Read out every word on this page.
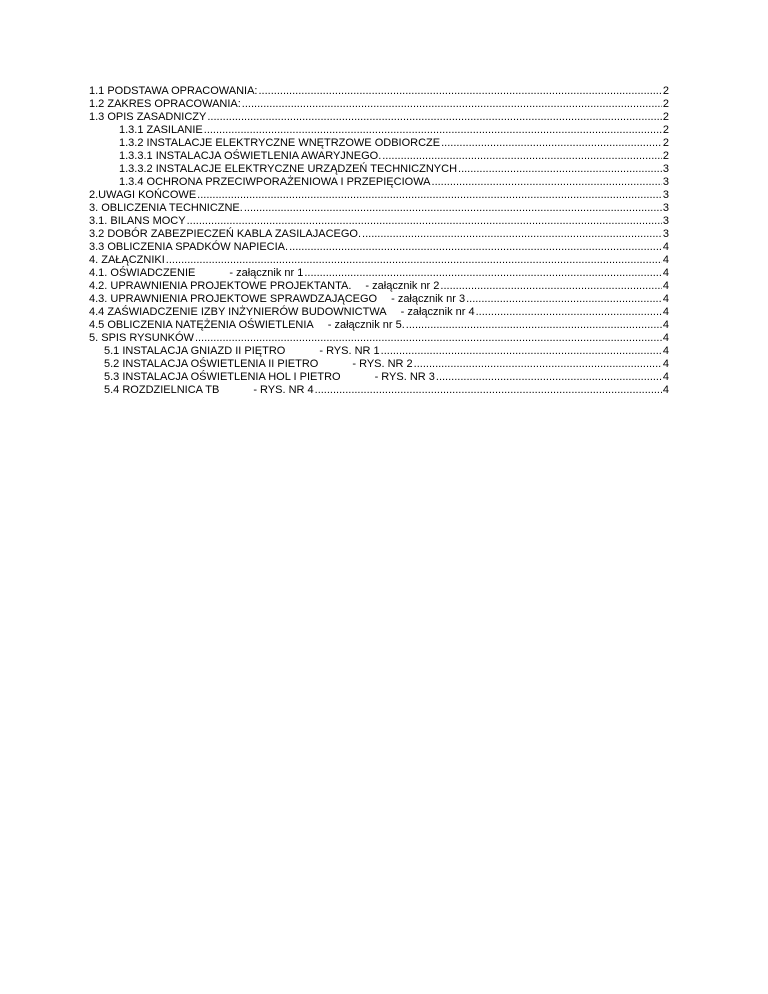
1.1 PODSTAWA OPRACOWANIA: .....	2
1.2 ZAKRES OPRACOWANIA: .....	2
1.3 OPIS ZASADNICZY .....	2
1.3.1 ZASILANIE .....	2
1.3.2 INSTALACJE ELEKTRYCZNE WNĘTRZOWE ODBIORCZE .....	2
1.3.3.1 INSTALACJA OŚWIETLENIA AWARYJNEGO. .....	2
1.3.3.2 INSTALACJE ELEKTRYCZNE URZĄDZEŃ TECHNICZNYCH .....	3
1.3.4 OCHRONA PRZECIWPORAŻENIOWA I PRZEPIĘCIOWA .....	3
2.UWAGI KOŃCOWE .....	3
3. OBLICZENIA TECHNICZNE. .....	3
3.1. BILANS MOCY .....	3
3.2 DOBÓR ZABEZPIECZEŃ KABLA ZASILAJACEGO. .....	3
3.3 OBLICZENIA SPADKÓW NAPIECIA. .....	4
4. ZAŁĄCZNIKI .....	4
4.1. OŚWIADCZENIE	- załącznik nr 1 .....	4
4.2. UPRAWNIENIA PROJEKTOWE PROJEKTANTA. - załącznik nr 2 .....	4
4.3. UPRAWNIENIA PROJEKTOWE SPRAWDZAJĄCEGO - załącznik nr 3 .....	4
4.4 ZAŚWIADCZENIE IZBY INŻYNIERÓW BUDOWNICTWA - załącznik nr 4 .....	4
4.5 OBLICZENIA NATĘŻENIA OŚWIETLENIA - załącznik nr 5. .....	4
5. SPIS RYSUNKÓW .....	4
5.1 INSTALACJA GNIAZD II PIĘTRO	- RYS. NR 1 .....	4
5.2 INSTALACJA OŚWIETLENIA II PIETRO	- RYS. NR 2 .....	4
5.3 INSTALACJA OŚWIETLENIA HOL I PIETRO	- RYS. NR 3 .....	4
5.4 ROZDZIELNICA TB	- RYS. NR 4 .....	4
